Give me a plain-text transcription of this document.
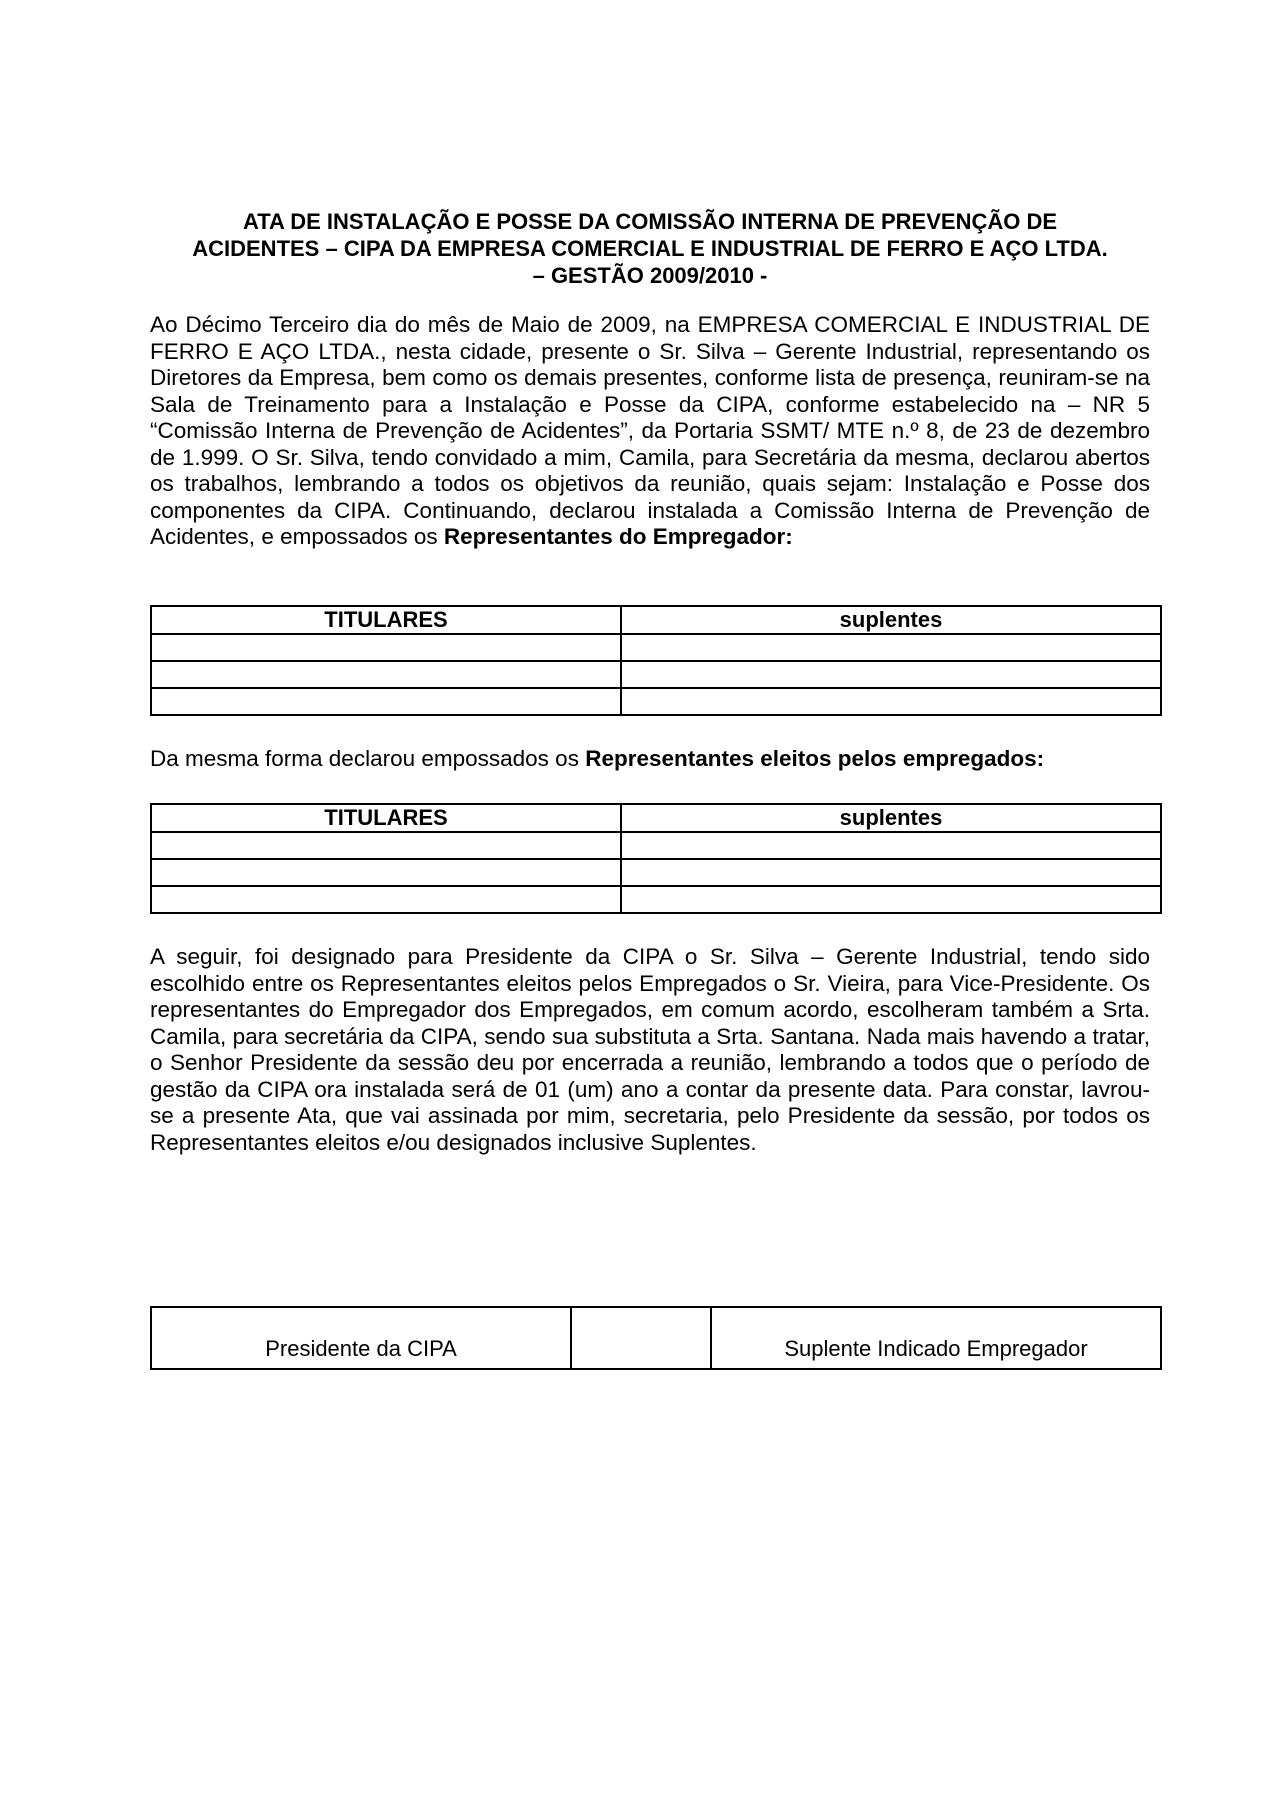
ATA DE INSTALAÇÃO E POSSE DA COMISSÃO INTERNA DE PREVENÇÃO DE
ACIDENTES – CIPA DA EMPRESA COMERCIAL E INDUSTRIAL DE FERRO E AÇO LTDA.
– GESTÃO 2009/2010 -

Ao Décimo Terceiro dia do mês de Maio de 2009, na EMPRESA COMERCIAL E INDUSTRIAL DE FERRO E AÇO LTDA., nesta cidade, presente o Sr. Silva – Gerente Industrial, representando os Diretores da Empresa, bem como os demais presentes, conforme lista de presença, reuniram-se na Sala de Treinamento para a Instalação e Posse da CIPA, conforme estabelecido na – NR 5 “Comissão Interna de Prevenção de Acidentes”, da Portaria SSMT/ MTE n.º 8, de 23 de dezembro de 1.999. O Sr. Silva, tendo convidado a mim, Camila, para Secretária da mesma, declarou abertos os trabalhos, lembrando a todos os objetivos da reunião, quais sejam: Instalação e Posse dos componentes da CIPA. Continuando, declarou instalada a Comissão Interna de Prevenção de Acidentes, e empossados os Representantes do Empregador:

TITULARES	suplentes

Da mesma forma declarou empossados os Representantes eleitos pelos empregados:

TITULARES	suplentes

A seguir, foi designado para Presidente da CIPA o Sr. Silva – Gerente Industrial, tendo sido escolhido entre os Representantes eleitos pelos Empregados o Sr. Vieira, para Vice-Presidente. Os representantes do Empregador dos Empregados, em comum acordo, escolheram também a Srta. Camila, para secretária da CIPA, sendo sua substituta a Srta. Santana. Nada mais havendo a tratar, o Senhor Presidente da sessão deu por encerrada a reunião, lembrando a todos que o período de gestão da CIPA ora instalada será de 01 (um) ano a contar da presente data. Para constar, lavrou-se a presente Ata, que vai assinada por mim, secretaria, pelo Presidente da sessão, por todos os Representantes eleitos e/ou designados inclusive Suplentes.

Presidente da CIPA		Suplente Indicado Empregador
